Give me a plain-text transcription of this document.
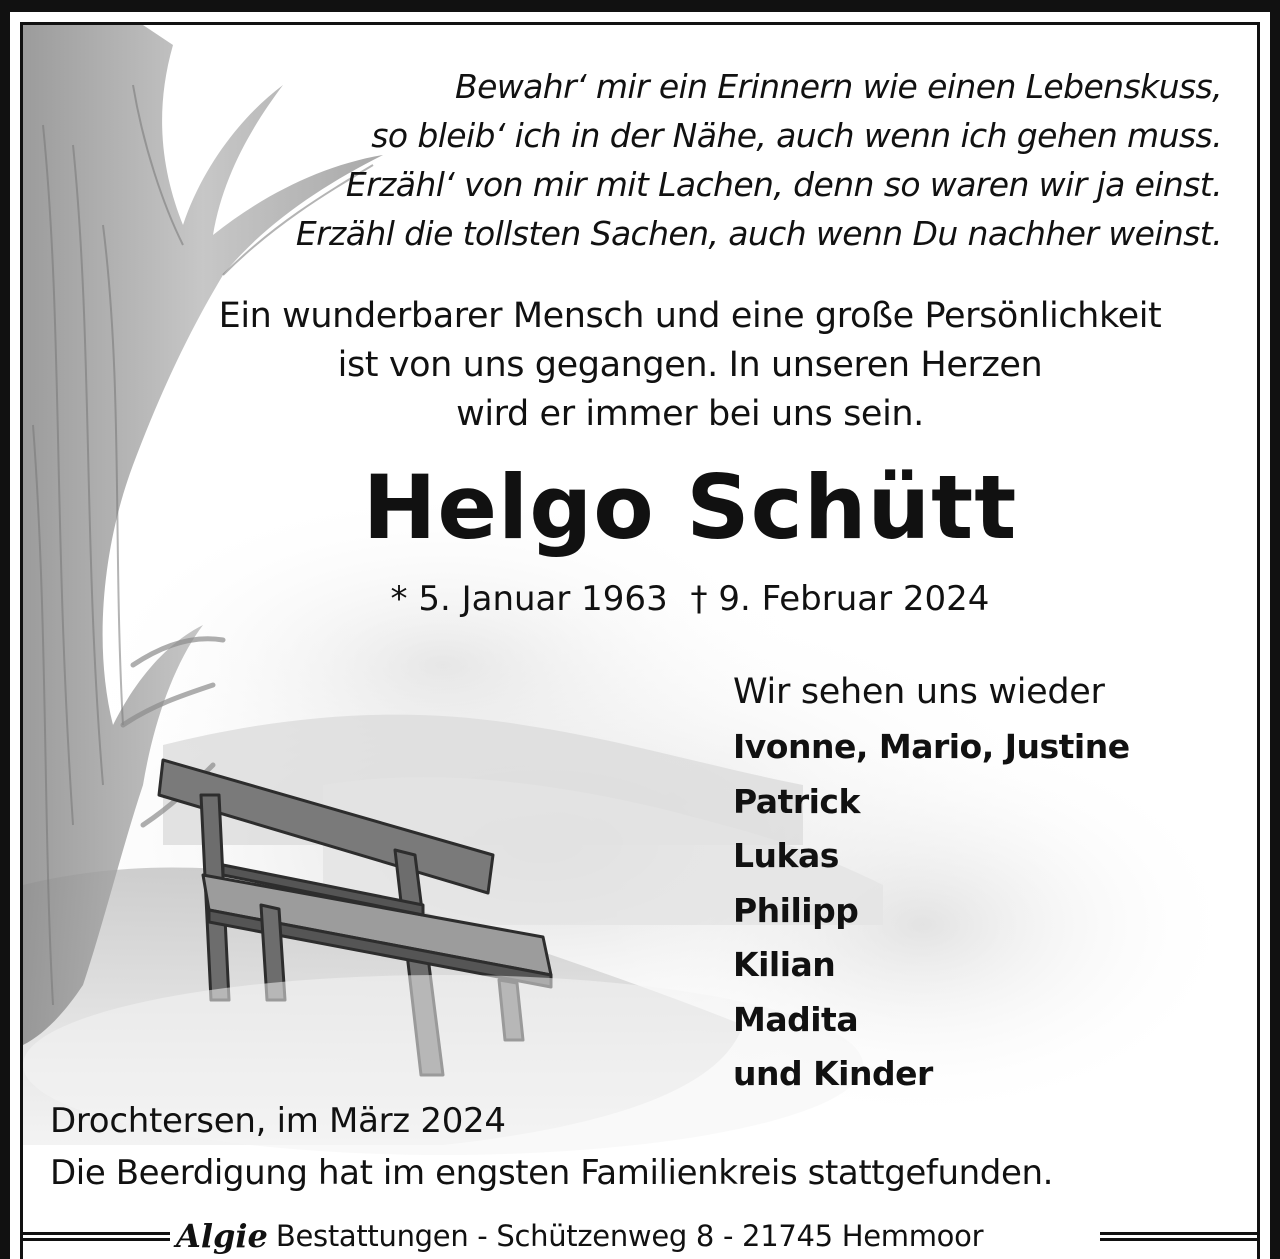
Bewahr‘ mir ein Erinnern wie einen Lebenskuss,
so bleib‘ ich in der Nähe, auch wenn ich gehen muss.
Erzähl‘ von mir mit Lachen, denn so waren wir ja einst.
Erzähl die tollsten Sachen, auch wenn Du nachher weinst.
Ein wunderbarer Mensch und eine große Persönlichkeit
ist von uns gegangen. In unseren Herzen
wird er immer bei uns sein.
Helgo Schütt
* 5. Januar 1963 † 9. Februar 2024
Wir sehen uns wieder
Ivonne, Mario, Justine
Patrick
Lukas
Philipp
Kilian
Madita
und Kinder
Drochtersen, im März 2024
Die Beerdigung hat im engsten Familienkreis stattgefunden.
Algie Bestattungen - Schützenweg 8 - 21745 Hemmoor
